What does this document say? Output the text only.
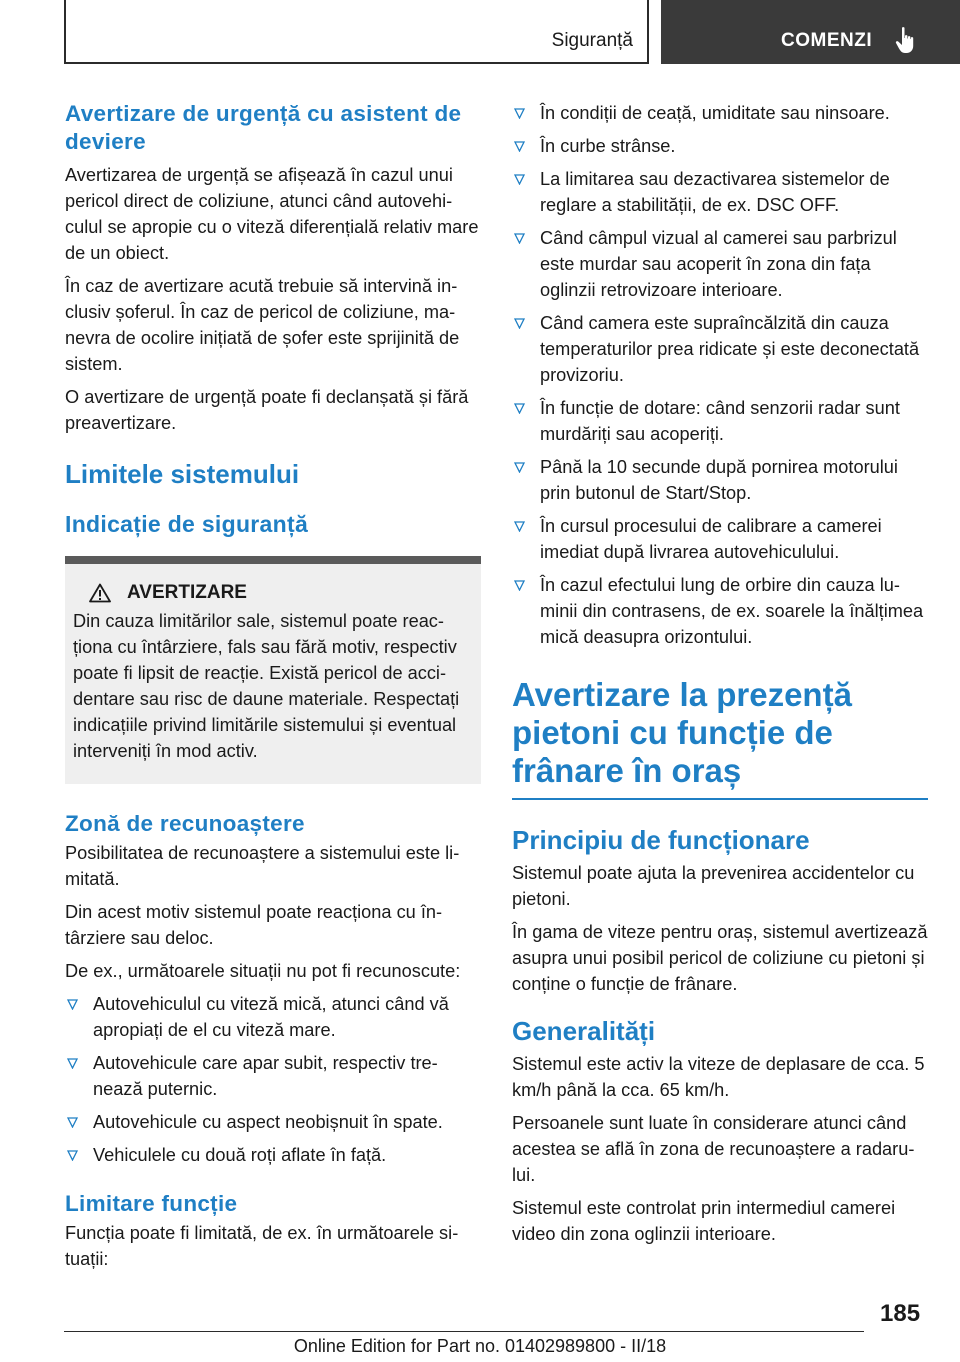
Siguranță	COMENZI
Avertizare de urgență cu asistent de deviere

Avertizarea de urgență se afișează în cazul unui pericol direct de coliziune, atunci când autovehiculul se apropie cu o viteză diferențială relativ mare de un obiect.

În caz de avertizare acută trebuie să intervină inclusiv șoferul. În caz de pericol de coliziune, manevra de ocolire inițiată de șofer este sprijinită de sistem.

O avertizare de urgență poate fi declanșată și fără preavertizare.

Limitele sistemului
Indicație de siguranță
AVERTIZARE

Din cauza limitărilor sale, sistemul poate reacționa cu întârziere, fals sau fără motiv, respectiv poate fi lipsit de reacție. Există pericol de accidentare sau risc de daune materiale. Respectați indicațiile privind limitările sistemului și eventual interveniți în mod activ.

Zonă de recunoaștere

Posibilitatea de recunoaștere a sistemului este limitată.

Din acest motiv sistemul poate reacționa cu întârziere sau deloc.

De ex., următoarele situații nu pot fi recunoscute:

Autovehiculul cu viteză mică, atunci când vă apropiați de el cu viteză mare.
Autovehicule care apar subit, respectiv trenează puternic.
Autovehicule cu aspect neobișnuit în spate.
Vehiculele cu două roți aflate în față.
Limitare funcție

Funcția poate fi limitată, de ex. în următoarele situații:

În condiții de ceață, umiditate sau ninsoare.
În curbe strânse.
La limitarea sau dezactivarea sistemelor de reglare a stabilității, de ex. DSC OFF.
Când câmpul vizual al camerei sau parbrizul este murdar sau acoperit în zona din fața oglinzii retrovizoare interioare.
Când camera este supraîncălzită din cauza temperaturilor prea ridicate și este deconectată provizoriu.
În funcție de dotare: când senzorii radar sunt murdăriți sau acoperiți.
Până la 10 secunde după pornirea motorului prin butonul de Start/Stop.
În cursul procesului de calibrare a camerei imediat după livrarea autovehiculului.
În cazul efectului lung de orbire din cauza luminii din contrasens, de ex. soarele la înălțimea mică deasupra orizontului.
Avertizare la prezență pietoni cu funcție de frânare în oraș
Principiu de funcționare

Sistemul poate ajuta la prevenirea accidentelor cu pietoni.

În gama de viteze pentru oraș, sistemul avertizează asupra unui posibil pericol de coliziune cu pietoni și conține o funcție de frânare.

Generalități

Sistemul este activ la viteze de deplasare de cca. 5 km/h până la cca. 65 km/h.

Persoanele sunt luate în considerare atunci când acestea se află în zona de recunoaștere a radarului.

Sistemul este controlat prin intermediul camerei video din zona oglinzii interioare.

185
Online Edition for Part no. 01402989800 - II/18
